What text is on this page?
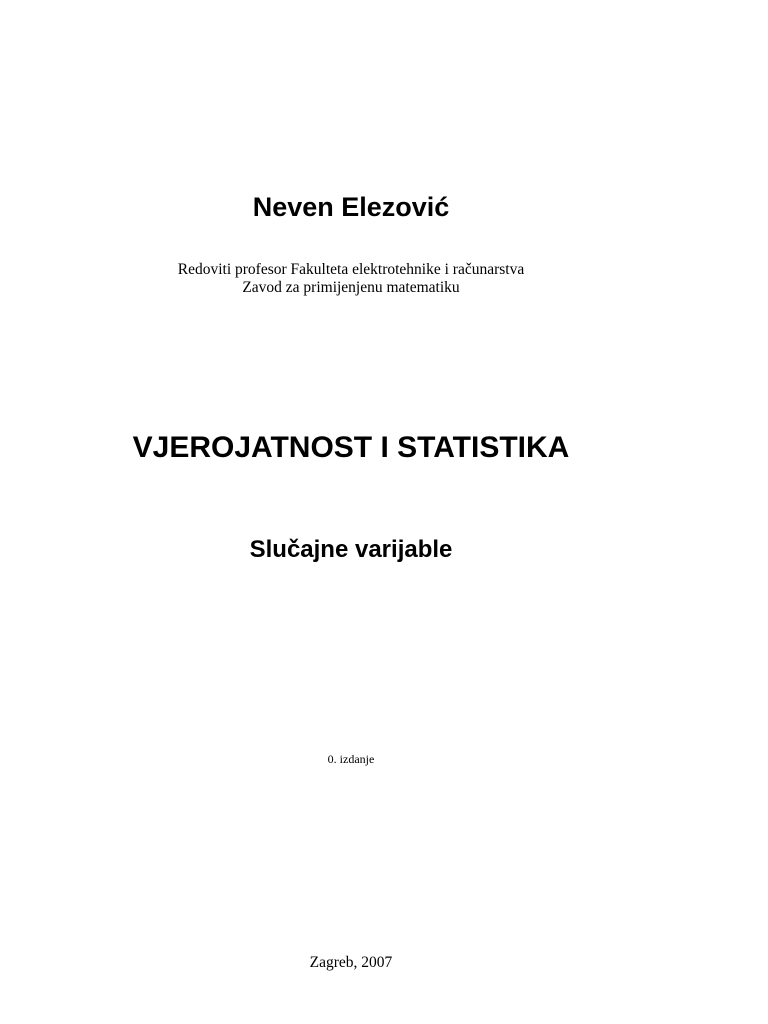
Neven Elezović
Redoviti profesor Fakulteta elektrotehnike i računarstva
Zavod za primijenjenu matematiku
VJEROJATNOST I STATISTIKA
Slučajne varijable
0. izdanje
Zagreb, 2007
